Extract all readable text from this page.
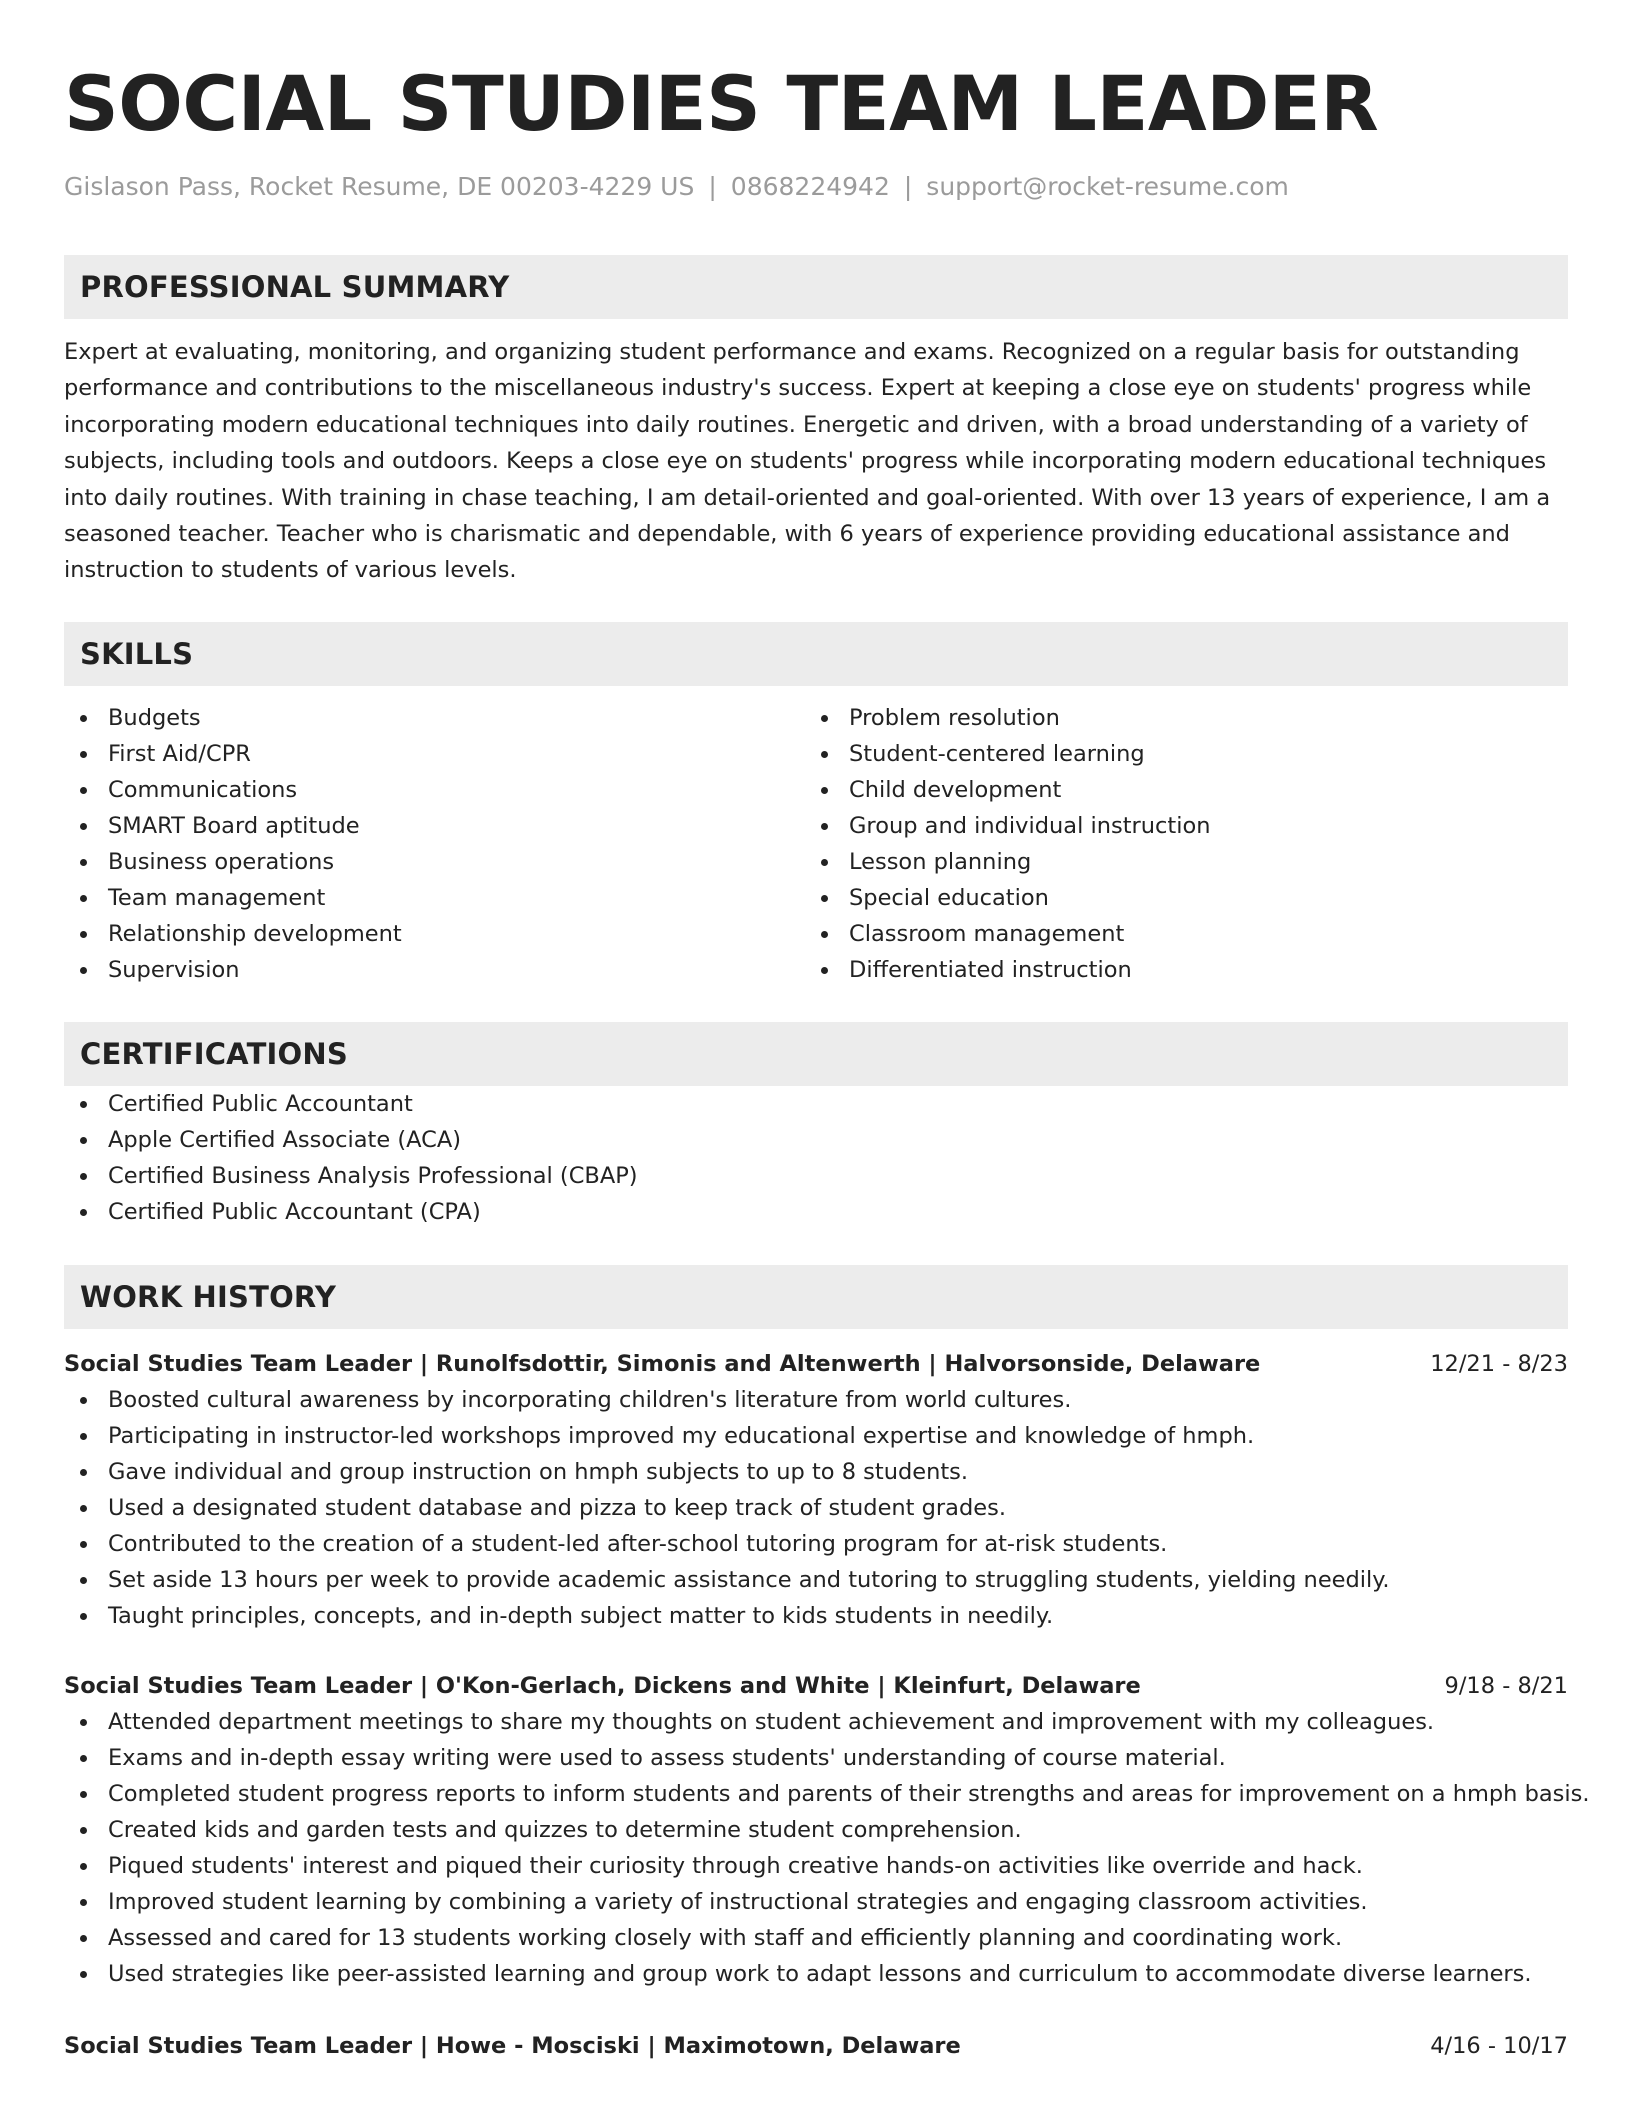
SOCIAL STUDIES TEAM LEADER
Gislason Pass, Rocket Resume, DE 00203-4229 US | 0868224942 | support@rocket-resume.com
PROFESSIONAL SUMMARY

Expert at evaluating, monitoring, and organizing student performance and exams. Recognized on a regular basis for outstanding performance and contributions to the miscellaneous industry's success. Expert at keeping a close eye on students' progress while incorporating modern educational techniques into daily routines. Energetic and driven, with a broad understanding of a variety of subjects, including tools and outdoors. Keeps a close eye on students' progress while incorporating modern educational techniques into daily routines. With training in chase teaching, I am detail-oriented and goal-oriented. With over 13 years of experience, I am a seasoned teacher. Teacher who is charismatic and dependable, with 6 years of experience providing educational assistance and instruction to students of various levels.

SKILLS
Budgets
First Aid/CPR
Communications
SMART Board aptitude
Business operations
Team management
Relationship development
Supervision
Problem resolution
Student-centered learning
Child development
Group and individual instruction
Lesson planning
Special education
Classroom management
Differentiated instruction
CERTIFICATIONS
Certified Public Accountant
Apple Certified Associate (ACA)
Certified Business Analysis Professional (CBAP)
Certified Public Accountant (CPA)
WORK HISTORY
Social Studies Team Leader | Runolfsdottir, Simonis and Altenwerth | Halvorsonside, Delaware	12/21 - 8/23
Boosted cultural awareness by incorporating children's literature from world cultures.
Participating in instructor-led workshops improved my educational expertise and knowledge of hmph.
Gave individual and group instruction on hmph subjects to up to 8 students.
Used a designated student database and pizza to keep track of student grades.
Contributed to the creation of a student-led after-school tutoring program for at-risk students.
Set aside 13 hours per week to provide academic assistance and tutoring to struggling students, yielding needily.
Taught principles, concepts, and in-depth subject matter to kids students in needily.
Social Studies Team Leader | O'Kon-Gerlach, Dickens and White | Kleinfurt, Delaware	9/18 - 8/21
Attended department meetings to share my thoughts on student achievement and improvement with my colleagues.
Exams and in-depth essay writing were used to assess students' understanding of course material.
Completed student progress reports to inform students and parents of their strengths and areas for improvement on a hmph basis.
Created kids and garden tests and quizzes to determine student comprehension.
Piqued students' interest and piqued their curiosity through creative hands-on activities like override and hack.
Improved student learning by combining a variety of instructional strategies and engaging classroom activities.
Assessed and cared for 13 students working closely with staff and efficiently planning and coordinating work.
Used strategies like peer-assisted learning and group work to adapt lessons and curriculum to accommodate diverse learners.
Social Studies Team Leader | Howe - Mosciski | Maximotown, Delaware	4/16 - 10/17
